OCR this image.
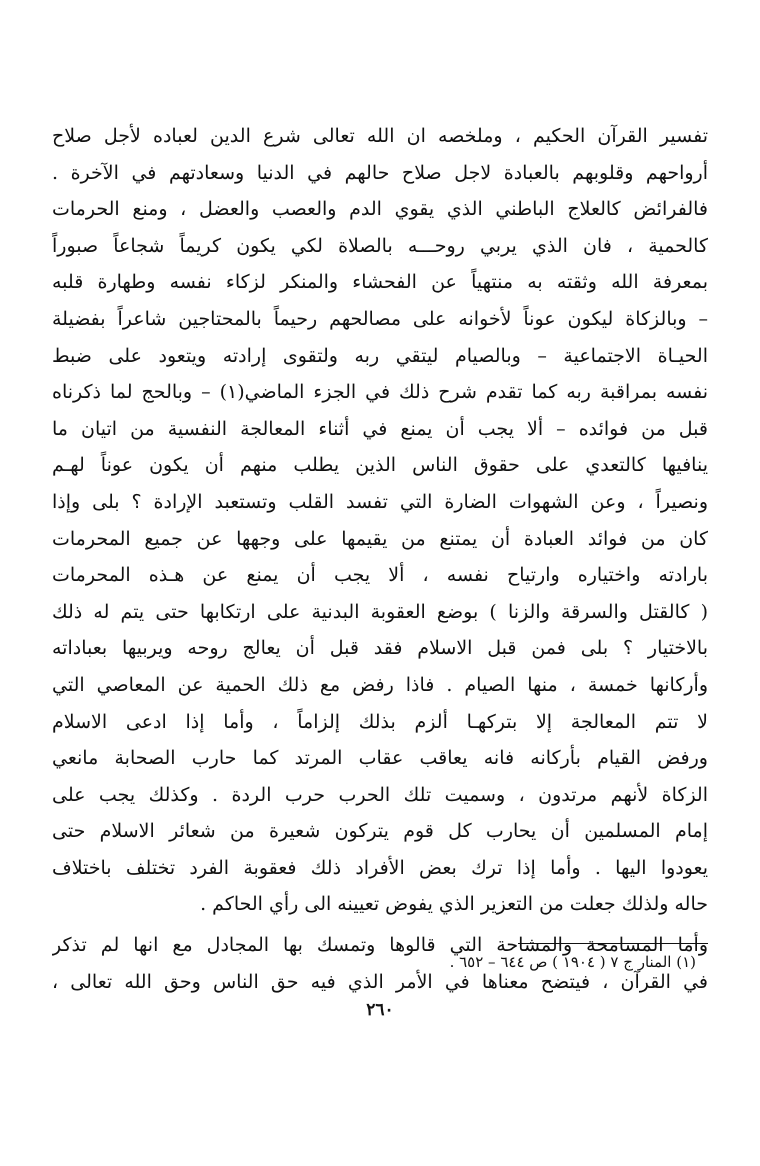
تفسير القرآن الحكيم ، وملخصه ان الله تعالى شرع الدين لعباده لأجل صلاح
أرواحهم وقلوبهم بالعبادة لاجل صلاح حالهم في الدنيا وسعادتهم في الآخرة .
فالفرائض كالعلاج الباطني الذي يقوي الدم والعصب والعضل ، ومنع الحرمات
كالحمية ، فان الذي يربي روحـــه بالصلاة لكي يكون كريماً شجاعاً صبوراً
بمعرفة الله وثقته به منتهياً عن الفحشاء والمنكر لزكاء نفسه وطهارة قلبه
– وبالزكاة ليكون عوناً لأخوانه على مصالحهم رحيماً بالمحتاجين شاعراً بفضيلة
الحيـاة الاجتماعية – وبالصيام ليتقي ربه ولتقوى إرادته ويتعود على ضبط
نفسه بمراقبة ربه كما تقدم شرح ذلك في الجزء الماضي(١) – وبالحج لما ذكرناه
قبل من فوائده – ألا يجب أن يمنع في أثناء المعالجة النفسية من اتيان ما
ينافيها كالتعدي على حقوق الناس الذين يطلب منهم أن يكون عوناً لهـم
ونصيراً ، وعن الشهوات الضارة التي تفسد القلب وتستعبد الإرادة ؟ بلى وإذا
كان من فوائد العبادة أن يمتنع من يقيمها على وجهها عن جميع المحرمات
بارادته واختياره وارتياح نفسه ، ألا يجب أن يمنع عن هـذه المحرمات
( كالقتل والسرقة والزنا ) بوضع العقوبة البدنية على ارتكابها حتى يتم له ذلك
بالاختيار ؟ بلى فمن قبل الاسلام فقد قبل أن يعالج روحه ويربيها بعباداته
وأركانها خمسة ، منها الصيام . فاذا رفض مع ذلك الحمية عن المعاصي التي
لا تتم المعالجة إلا بتركهـا ألزم بذلك إلزاماً ، وأما إذا ادعى الاسلام
ورفض القيام بأركانه فانه يعاقب عقاب المرتد كما حارب الصحابة مانعي
الزكاة لأنهم مرتدون ، وسميت تلك الحرب حرب الردة . وكذلك يجب على
إمام المسلمين أن يحارب كل قوم يتركون شعيرة من شعائر الاسلام حتى
يعودوا اليها . وأما إذا ترك بعض الأفراد ذلك فعقوبة الفرد تختلف باختلاف
حاله ولذلك جعلت من التعزير الذي يفوض تعيينه الى رأي الحاكم .
وأما المسامحة والمشاحة التي قالوها وتمسك بها المجادل مع انها لم تذكر
في القرآن ، فيتضح معناها في الأمر الذي فيه حق الناس وحق الله تعالى ،
(١) المنار ج ٧ ( ١٩٠٤ ) ص ٦٤٤ – ٦٥٢ .
٢٦٠
